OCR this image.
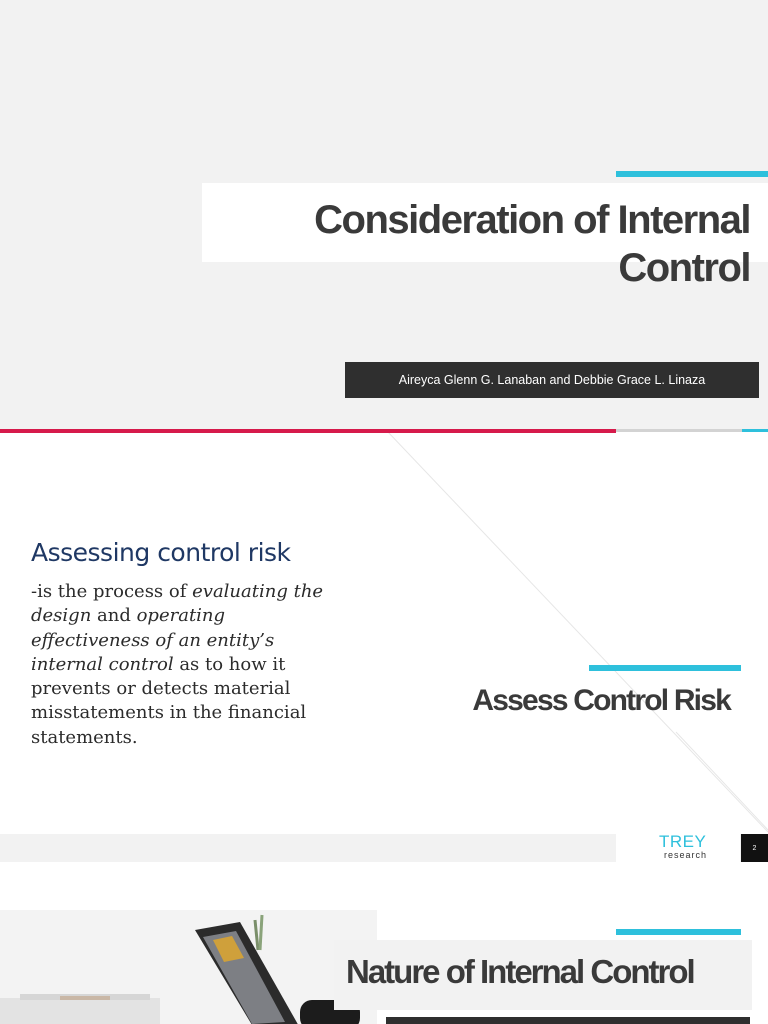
Consideration of Internal Control
Aireyca Glenn G. Lanaban and Debbie Grace L. Linaza
Assessing control risk
-is the process of evaluating the design and operating effectiveness of an entity’s internal control as to how it prevents or detects material misstatements in the financial statements.
Assess Control Risk
TREY
research
2
Nature of Internal Control
